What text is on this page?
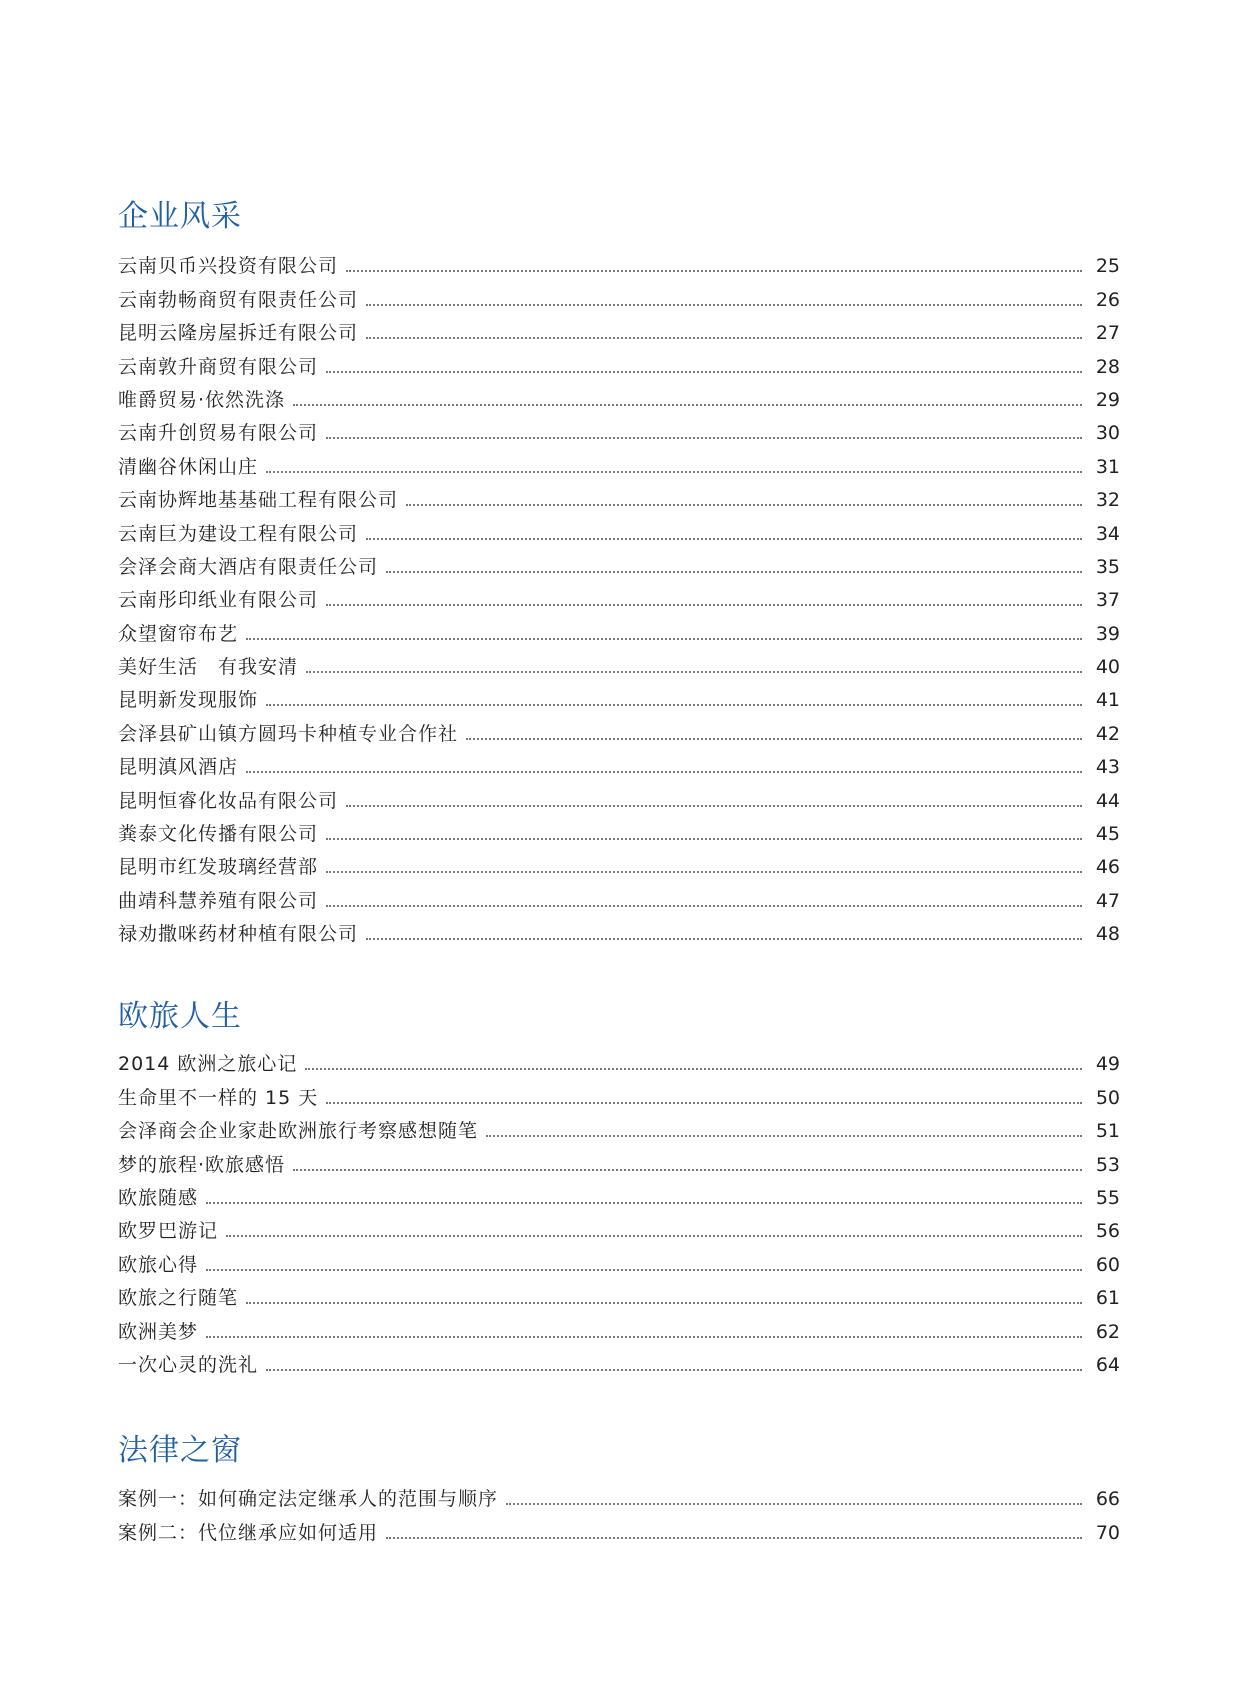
企业风采
云南贝币兴投资有限公司	25
云南勃畅商贸有限责任公司	26
昆明云隆房屋拆迁有限公司	27
云南敦升商贸有限公司	28
唯爵贸易·依然洗涤	29
云南升创贸易有限公司	30
清幽谷休闲山庄	31
云南协辉地基基础工程有限公司	32
云南巨为建设工程有限公司	34
会泽会商大酒店有限责任公司	35
云南彤印纸业有限公司	37
众望窗帘布艺	39
美好生活　有我安清	40
昆明新发现服饰	41
会泽县矿山镇方圆玛卡种植专业合作社	42
昆明滇风酒店	43
昆明恒睿化妆品有限公司	44
粪泰文化传播有限公司	45
昆明市红发玻璃经营部	46
曲靖科慧养殖有限公司	47
禄劝撒咪药材种植有限公司	48
欧旅人生
2014 欧洲之旅心记	49
生命里不一样的 15 天	50
会泽商会企业家赴欧洲旅行考察感想随笔	51
梦的旅程·欧旅感悟	53
欧旅随感	55
欧罗巴游记	56
欧旅心得	60
欧旅之行随笔	61
欧洲美梦	62
一次心灵的洗礼	64
法律之窗
案例一：如何确定法定继承人的范围与顺序	66
案例二：代位继承应如何适用	70
